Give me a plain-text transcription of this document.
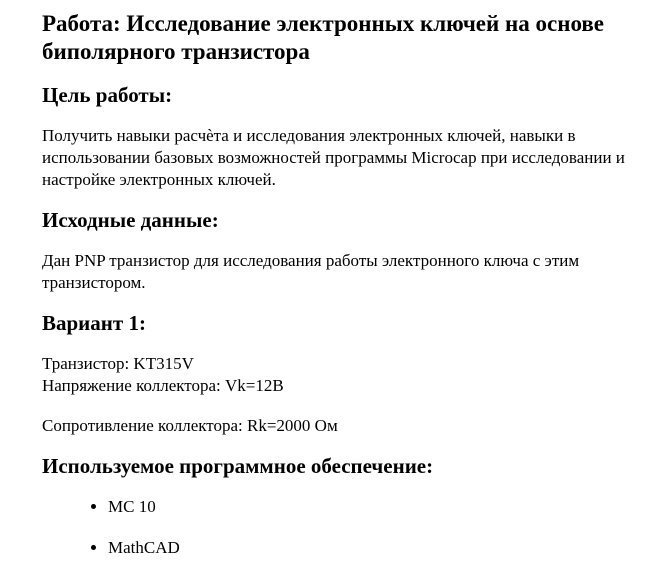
Работа: Исследование электронных ключей на основе биполярного транзистора
Цель работы:

Получить навыки расчѐта и исследования электронных ключей, навыки в использовании базовых возможностей программы Microcap при исследовании и настройке электронных ключей.

Исходные данные:

Дан PNP транзистор для исследования работы электронного ключа с этим транзистором.

Вариант 1:

Транзистор: KT315V
Напряжение коллектора: Vk=12В

Сопротивление коллектора: Rk=2000 Ом

Используемое программное обеспечение:
• MC 10
• MathCAD
